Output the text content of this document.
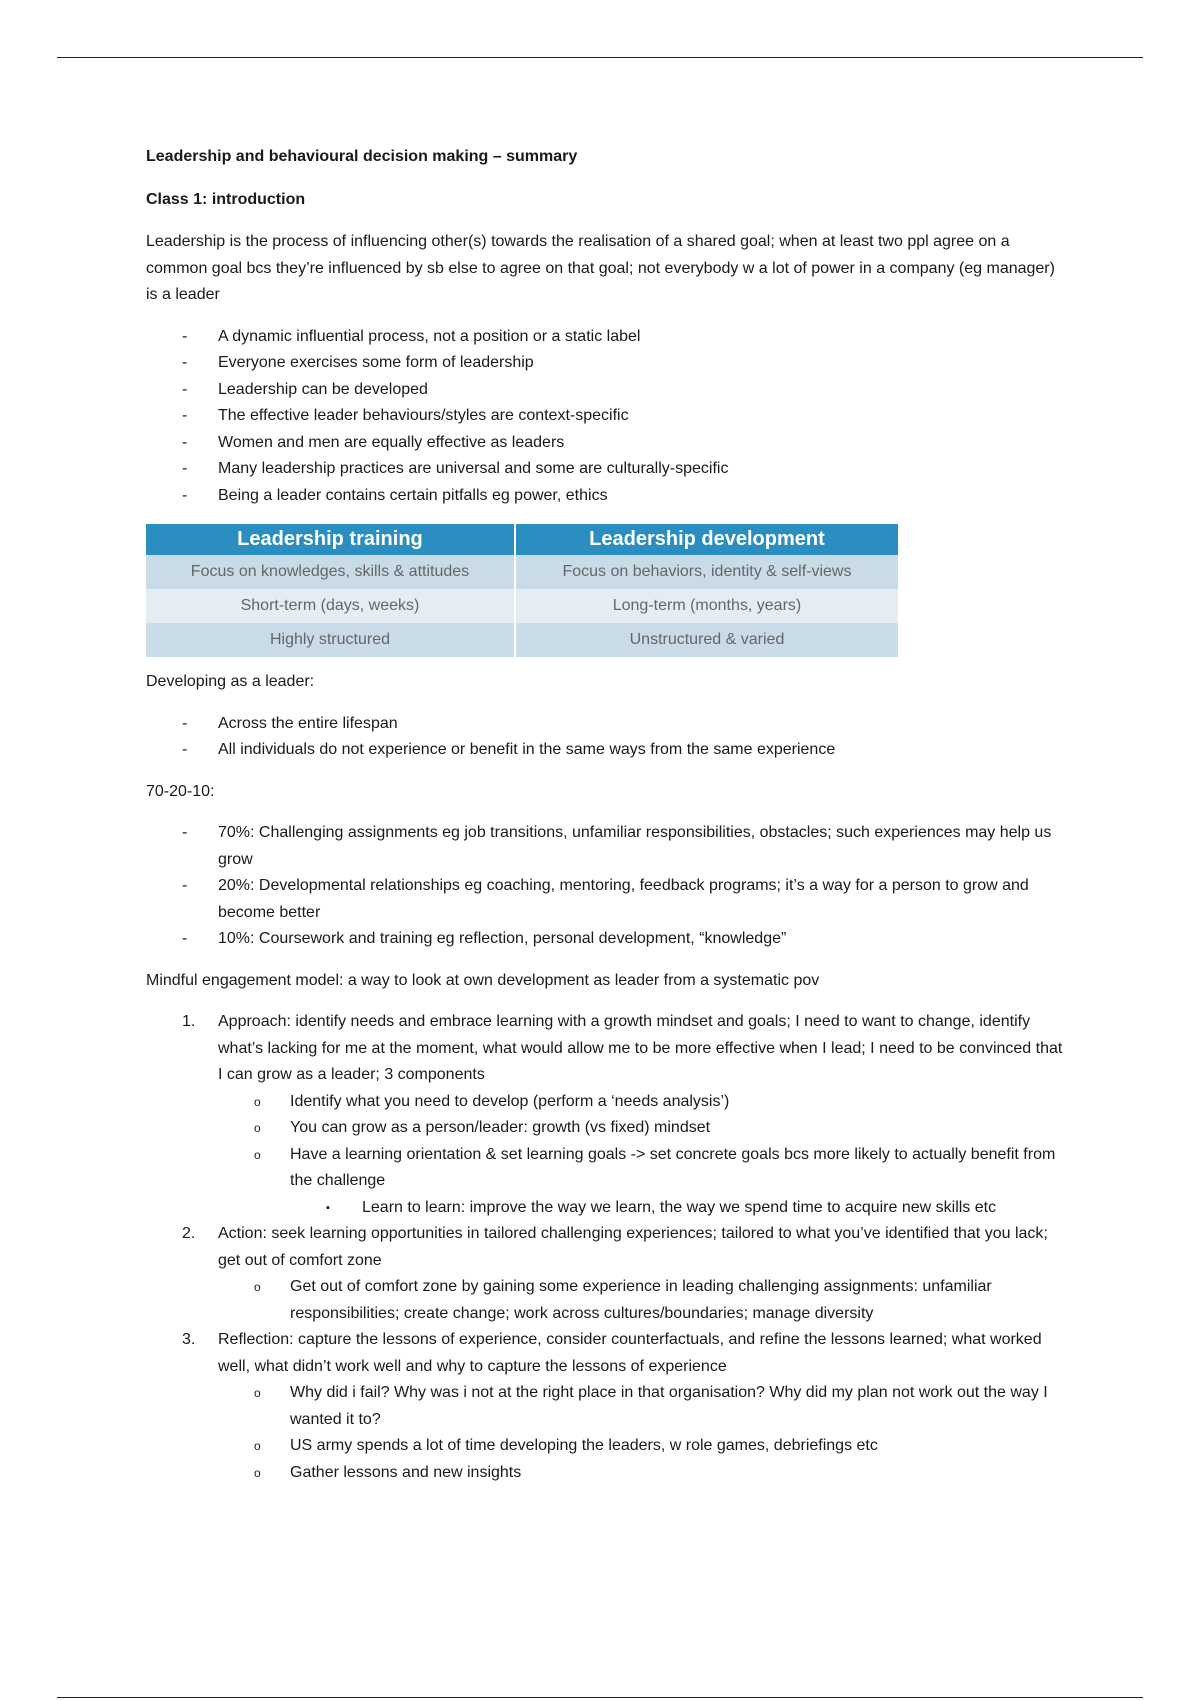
Leadership and behavioural decision making – summary

Class 1: introduction

Leadership is the process of influencing other(s) towards the realisation of a shared goal; when at least two ppl agree on a common goal bcs they’re influenced by sb else to agree on that goal; not everybody w a lot of power in a company (eg manager) is a leader

- A dynamic influential process, not a position or a static label
- Everyone exercises some form of leadership
- Leadership can be developed
- The effective leader behaviours/styles are context-specific
- Women and men are equally effective as leaders
- Many leadership practices are universal and some are culturally-specific
- Being a leader contains certain pitfalls eg power, ethics
Leadership training	Leadership development
Focus on knowledges, skills & attitudes	Focus on behaviors, identity & self-views
Short-term (days, weeks)	Long-term (months, years)
Highly structured	Unstructured & varied

Developing as a leader:

- Across the entire lifespan
- All individuals do not experience or benefit in the same ways from the same experience

70-20-10:

- 70%: Challenging assignments eg job transitions, unfamiliar responsibilities, obstacles; such experiences may help us grow
- 20%: Developmental relationships eg coaching, mentoring, feedback programs; it’s a way for a person to grow and become better
- 10%: Coursework and training eg reflection, personal development, “knowledge”

Mindful engagement model: a way to look at own development as leader from a systematic pov

1. Approach: identify needs and embrace learning with a growth mindset and goals; I need to want to change, identify what’s lacking for me at the moment, what would allow me to be more effective when I lead; I need to be convinced that I can grow as a leader; 3 components
o Identify what you need to develop (perform a ‘needs analysis’)
o You can grow as a person/leader: growth (vs fixed) mindset
o Have a learning orientation & set learning goals -> set concrete goals bcs more likely to actually benefit from the challenge
▪ Learn to learn: improve the way we learn, the way we spend time to acquire new skills etc
2. Action: seek learning opportunities in tailored challenging experiences; tailored to what you’ve identified that you lack; get out of comfort zone
o Get out of comfort zone by gaining some experience in leading challenging assignments: unfamiliar responsibilities; create change; work across cultures/boundaries; manage diversity
3. Reflection: capture the lessons of experience, consider counterfactuals, and refine the lessons learned; what worked well, what didn’t work well and why to capture the lessons of experience
o Why did i fail? Why was i not at the right place in that organisation? Why did my plan not work out the way I wanted it to?
o US army spends a lot of time developing the leaders, w role games, debriefings etc
o Gather lessons and new insights
